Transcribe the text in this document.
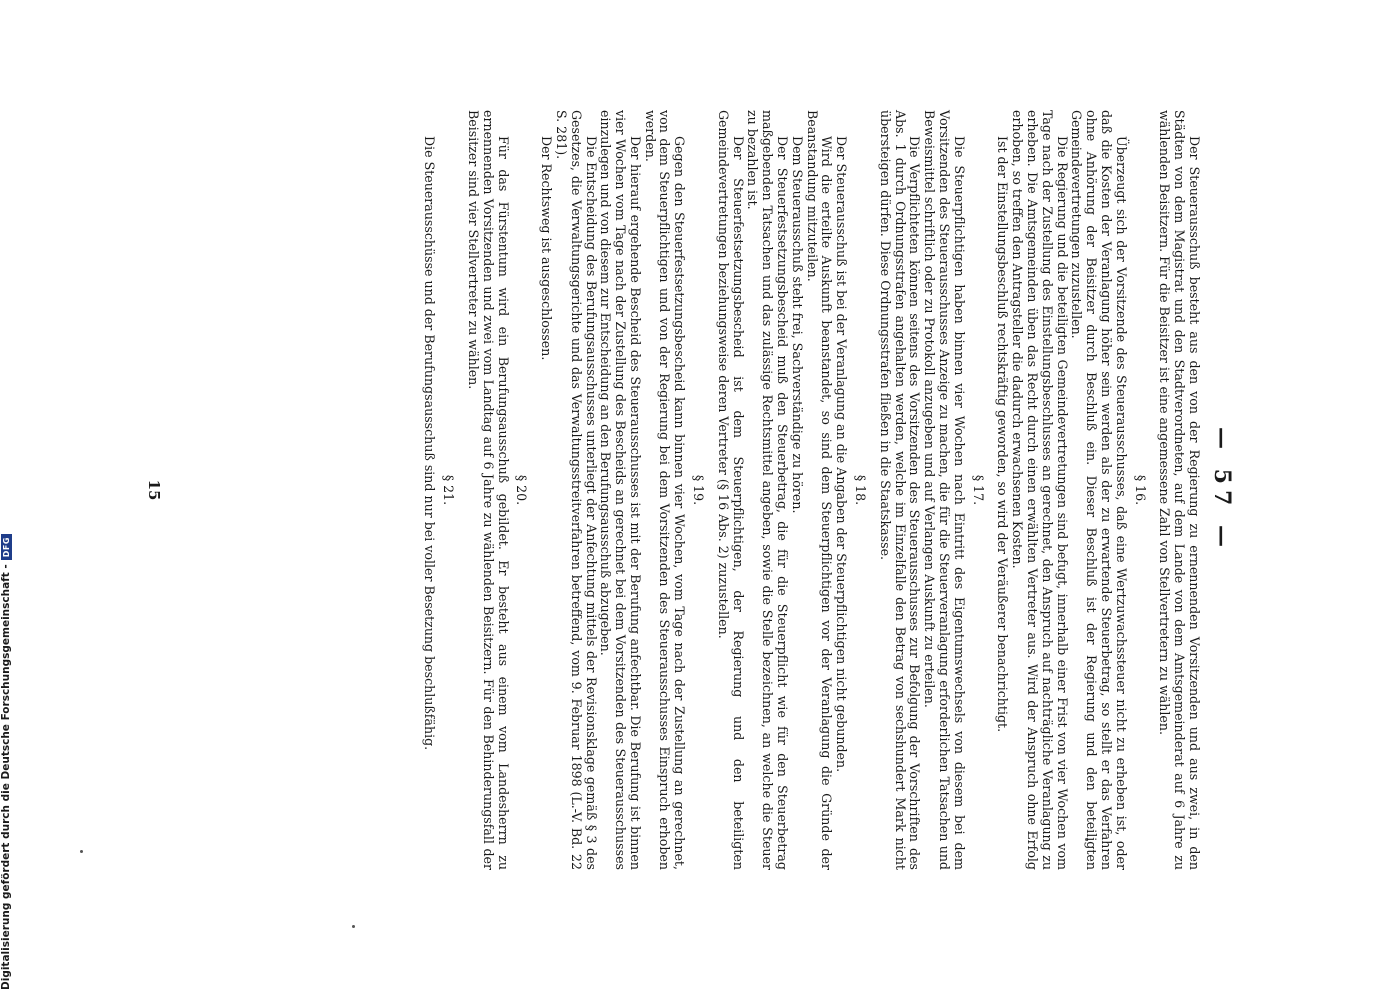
Digitalisierung gefördert durch die Deutsche Forschungsgemeinschaft -
DFG	— 57 —

Der Steuerausschuß besteht aus den von der Regierung zu ernennenden Vorsitzenden und aus zwei, in den Städten von dem Magistrat und den Stadtverordneten, auf dem Lande von dem Amtsgemeinderat auf 6 Jahre zu wählenden Beisitzern. Für die Beisitzer ist eine angemessene Zahl von Stellvertretern zu wählen.

§ 16.

Überzeugt sich der Vorsitzende des Steuerausschusses, daß eine Wertzuwachssteuer nicht zu erheben ist, oder daß die Kosten der Veranlagung höher sein werden als der zu erwartende Steuerbetrag, so stellt er das Verfahren ohne Anhörung der Beisitzer durch Beschluß ein. Dieser Beschluß ist der Regierung und den beteiligten Gemeindevertretungen zuzustellen.

Die Regierung und die beteiligten Gemeindevertretungen sind befugt, innerhalb einer Frist von vier Wochen vom Tage nach der Zustellung des Einstellungsbeschlusses an gerechnet, den Anspruch auf nachträgliche Veranlagung zu erheben. Die Amtsgemeinden üben das Recht durch einen erwählten Vertreter aus. Wird der Anspruch ohne Erfolg erhoben, so treffen den Antragsteller die dadurch erwachsenen Kosten.

Ist der Einstellungsbeschluß rechtskräftig geworden, so wird der Veräußerer benachrichtigt.

§ 17.

Die Steuerpflichtigen haben binnen vier Wochen nach Eintritt des Eigentumswechsels von diesem bei dem Vorsitzenden des Steuerausschusses Anzeige zu machen, die für die Steuerveranlagung erforderlichen Tatsachen und Beweismittel schriftlich oder zu Protokoll anzugeben und auf Verlangen Auskunft zu erteilen.

Die Verpflichteten können seitens des Vorsitzenden des Steuerausschusses zur Befolgung der Vorschriften des Abs. 1 durch Ordnungsstrafen angehalten werden, welche im Einzelfalle den Betrag von sechshundert Mark nicht übersteigen dürfen. Diese Ordnungsstrafen fließen in die Staatskasse.

§ 18.

Der Steuerausschuß ist bei der Veranlagung an die Angaben der Steuerpflichtigen nicht gebunden.

Wird die erteilte Auskunft beanstandet, so sind dem Steuerpflichtigen vor der Veranlagung die Gründe der Beanstandung mitzuteilen.

Dem Steuerausschuß steht frei, Sachverständige zu hören.

Der Steuerfestsetzungsbescheid muß den Steuerbetrag, die für die Steuerpflicht wie für den Steuerbetrag maßgebenden Tatsachen und das zulässige Rechtsmittel angeben, sowie die Stelle bezeichnen, an welche die Steuer zu bezahlen ist.

Der Steuerfestsetzungsbescheid ist dem Steuerpflichtigen, der Regierung und den beteiligten Gemeindevertretungen beziehungsweise deren Vertreter (§ 16 Abs. 2) zuzustellen.

§ 19.

Gegen den Steuerfestsetzungsbescheid kann binnen vier Wochen, vom Tage nach der Zustellung an gerechnet, von dem Steuerpflichtigen und von der Regierung bei dem Vorsitzenden des Steuerausschusses Einspruch erhoben werden.

Der hierauf ergehende Bescheid des Steuerausschusses ist mit der Berufung anfechtbar. Die Berufung ist binnen vier Wochen vom Tage nach der Zustellung des Bescheids an gerechnet bei dem Vorsitzenden des Steuerausschusses einzulegen und von diesem zur Entscheidung an den Berufungsausschuß abzugeben.

Die Entscheidung des Berufungsausschusses unterliegt der Anfechtung mittels der Revisionsklage gemäß § 3 des Gesetzes, die Verwaltungsgerichte und das Verwaltungsstreitverfahren betreffend, vom 9. Februar 1898 (L.-V. Bd. 22 S. 281).

Der Rechtsweg ist ausgeschlossen.

§ 20.

Für das Fürstentum wird ein Berufungsausschuß gebildet. Er besteht aus einem vom Landesherrn zu ernennenden Vorsitzenden und zwei vom Landtag auf 6 Jahre zu wählenden Beisitzern. Für den Behinderungsfall der Beisitzer sind vier Stellvertreter zu wählen.

§ 21.

Die Steuerausschüsse und der Berufungsausschuß sind nur bei voller Besetzung beschlußfähig.

15
